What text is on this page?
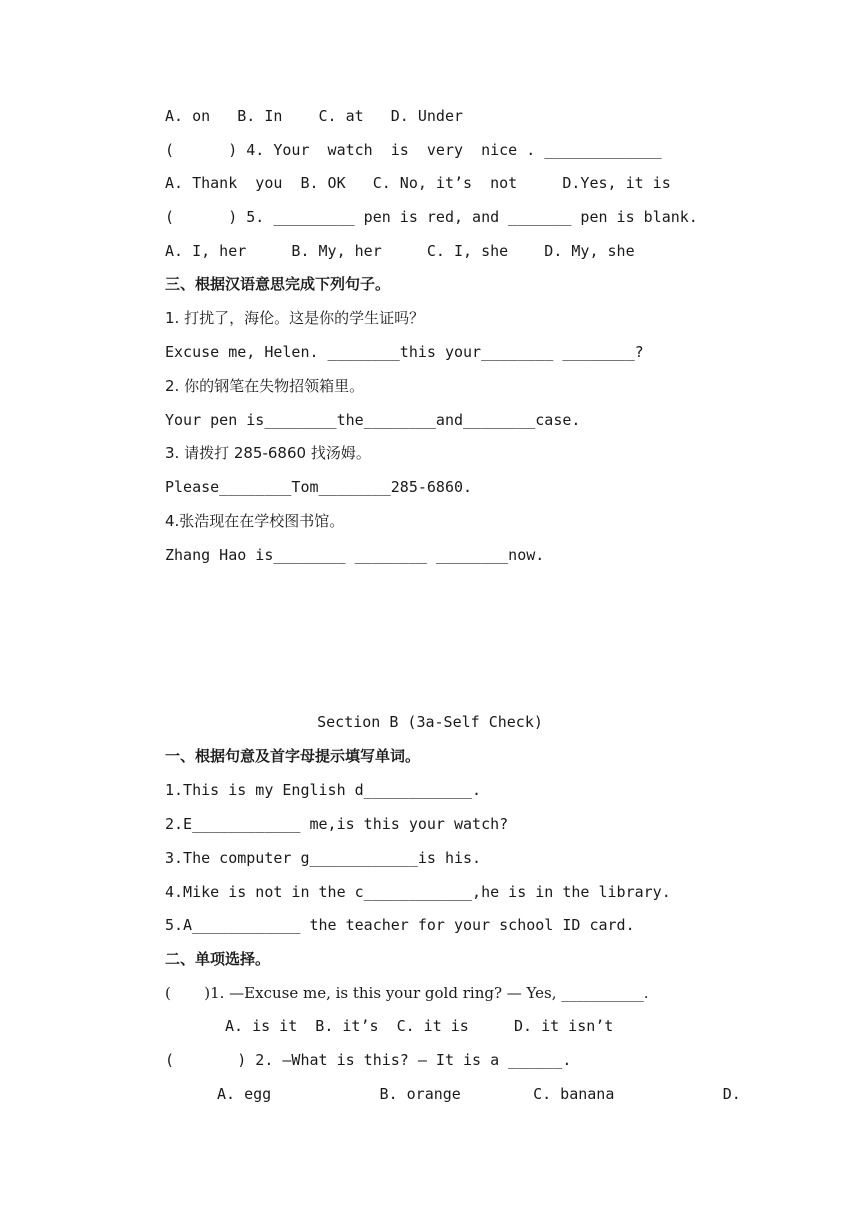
A. on   B. In    C. at   D. Under
(      ) 4. Your  watch  is  very  nice . _____________
A. Thank  you  B. OK   C. No, it’s  not     D.Yes, it is
(      ) 5. _________ pen is red, and _______ pen is blank.
A. I, her     B. My, her     C. I, she    D. My, she
三、根据汉语意思完成下列句子。
1. 打扰了，海伦。这是你的学生证吗？
Excuse me, Helen. ________this your________ ________?
2. 你的钢笔在失物招领箱里。
Your pen is________the________and________case.
3. 请拨打 285-6860 找汤姆。
Please________Tom________285-6860.
4.张浩现在在学校图书馆。
Zhang Hao is________ ________ ________now.
Section B (3a-Self Check)
一、根据句意及首字母提示填写单词。
1.This is my English d____________.
2.E____________ me,is this your watch?
3.The computer g____________is his.
4.Mike is not in the c____________,he is in the library.
5.A____________ the teacher for your school ID card.
二、单项选择。
(       )1. —Excuse me, is this your gold ring? — Yes, ___________.
A. is it  B. it’s  C. it is     D. it isn’t
(       ) 2. —What is this? — It is a ______.
A. egg            B. orange        C. banana            D.
